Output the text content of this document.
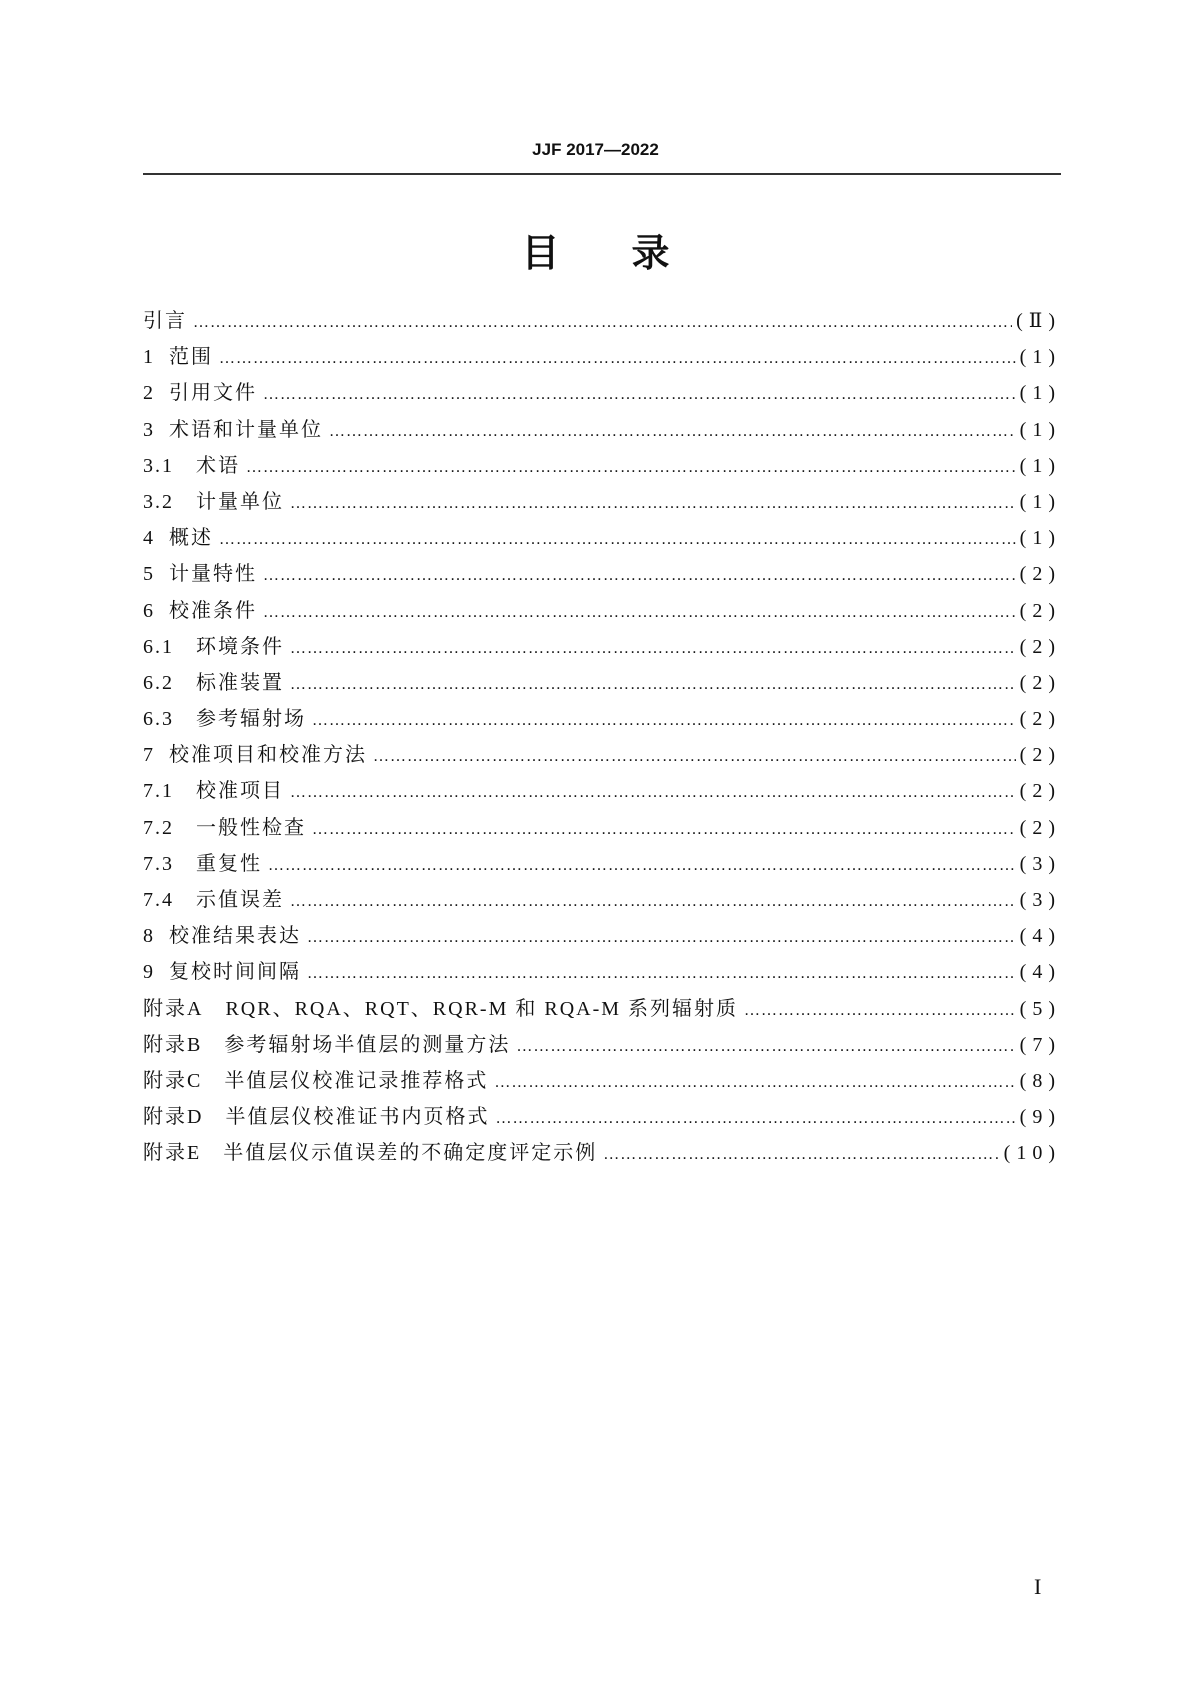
JJF 2017—2022
目录
引言 ……………………………………………………………………………………………………………………………………………………………………………………………………	(Ⅱ)
1 范围 ……………………………………………………………………………………………………………………………………………………………………………………………………	(1)
2 引用文件 ……………………………………………………………………………………………………………………………………………………………………………………………………	(1)
3 术语和计量单位 ……………………………………………………………………………………………………………………………………………………………………………………………………	(1)
3.1 术语 ……………………………………………………………………………………………………………………………………………………………………………………………………	(1)
3.2 计量单位 ……………………………………………………………………………………………………………………………………………………………………………………………………	(1)
4 概述 ……………………………………………………………………………………………………………………………………………………………………………………………………	(1)
5 计量特性 ……………………………………………………………………………………………………………………………………………………………………………………………………	(2)
6 校准条件 ……………………………………………………………………………………………………………………………………………………………………………………………………	(2)
6.1 环境条件 ……………………………………………………………………………………………………………………………………………………………………………………………………	(2)
6.2 标准装置 ……………………………………………………………………………………………………………………………………………………………………………………………………	(2)
6.3 参考辐射场 ……………………………………………………………………………………………………………………………………………………………………………………………………	(2)
7 校准项目和校准方法 ……………………………………………………………………………………………………………………………………………………………………………………………………	(2)
7.1 校准项目 ……………………………………………………………………………………………………………………………………………………………………………………………………	(2)
7.2 一般性检查 ……………………………………………………………………………………………………………………………………………………………………………………………………	(2)
7.3 重复性 ……………………………………………………………………………………………………………………………………………………………………………………………………	(3)
7.4 示值误差 ……………………………………………………………………………………………………………………………………………………………………………………………………	(3)
8 校准结果表达 ……………………………………………………………………………………………………………………………………………………………………………………………………	(4)
9 复校时间间隔 ……………………………………………………………………………………………………………………………………………………………………………………………………	(4)
附录A RQR、RQA、RQT、RQR-M 和 RQA-M 系列辐射质 ……………………………………………………………………………………………………………………………………………………………………………………………………	(5)
附录B 参考辐射场半值层的测量方法 ……………………………………………………………………………………………………………………………………………………………………………………………………	(7)
附录C 半值层仪校准记录推荐格式 ……………………………………………………………………………………………………………………………………………………………………………………………………	(8)
附录D 半值层仪校准证书内页格式 ……………………………………………………………………………………………………………………………………………………………………………………………………	(9)
附录E 半值层仪示值误差的不确定度评定示例 ……………………………………………………………………………………………………………………………………………………………………………………………………	(10)
I
